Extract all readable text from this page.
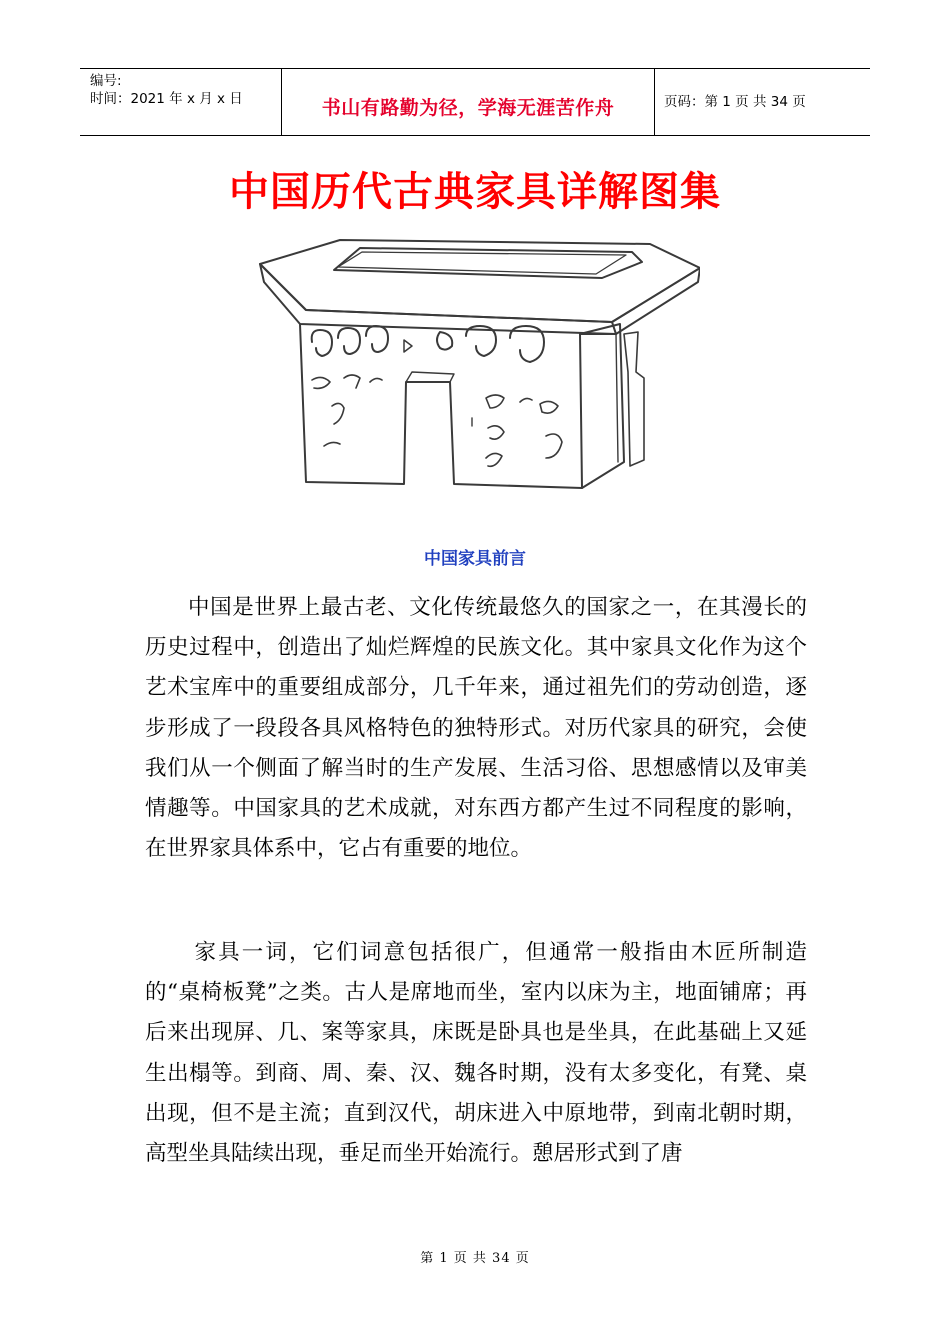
编号:
时间：2021 年 x 月 x 日	书山有路勤为径，学海无涯苦作舟	页码：第 1 页 共 34 页
中国历代古典家具详解图集
中国家具前言

中国是世界上最古老、文化传统最悠久的国家之一，在其漫长的历史过程中，创造出了灿烂辉煌的民族文化。其中家具文化作为这个艺术宝库中的重要组成部分，几千年来，通过祖先们的劳动创造，逐步形成了一段段各具风格特色的独特形式。对历代家具的研究，会使我们从一个侧面了解当时的生产发展、生活习俗、思想感情以及审美情趣等。中国家具的艺术成就，对东西方都产生过不同程度的影响，在世界家具体系中，它占有重要的地位。

家具一词，它们词意包括很广，但通常一般指由木匠所制造的“桌椅板凳”之类。古人是席地而坐，室内以床为主，地面铺席；再后来出现屏、几、案等家具，床既是卧具也是坐具，在此基础上又延生出榻等。到商、周、秦、汉、魏各时期，没有太多变化，有凳、桌出现，但不是主流；直到汉代，胡床进入中原地带，到南北朝时期，高型坐具陆续出现，垂足而坐开始流行。憩居形式到了唐

第 1 页 共 34 页
